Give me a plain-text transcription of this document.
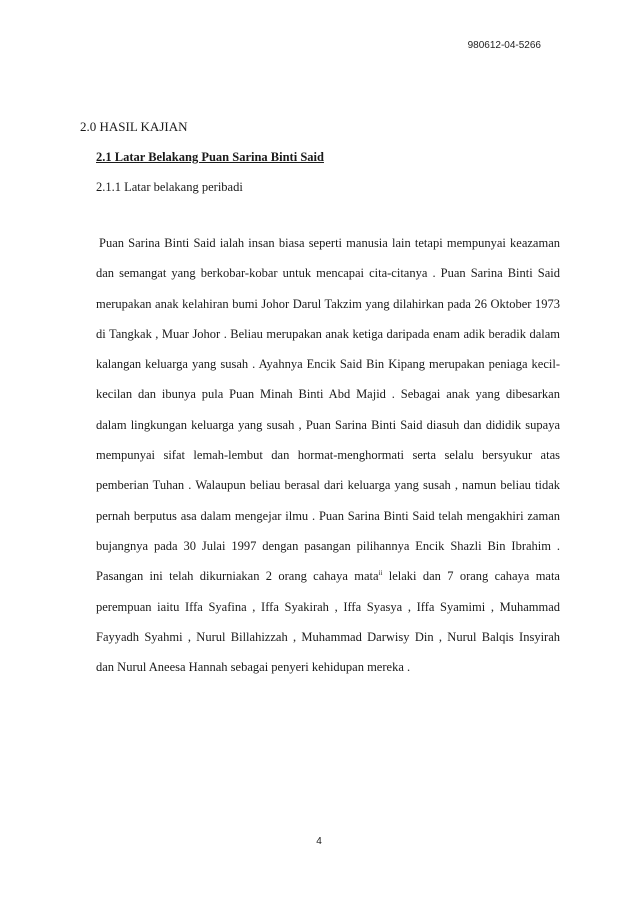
980612-04-5266
2.0 HASIL KAJIAN
2.1 Latar Belakang Puan Sarina Binti Said
2.1.1 Latar belakang peribadi
Puan Sarina Binti Said ialah insan biasa seperti manusia lain tetapi mempunyai keazaman
dan semangat yang berkobar-kobar untuk mencapai cita-citanya . Puan Sarina Binti Said
merupakan anak kelahiran bumi Johor Darul Takzim yang dilahirkan pada 26 Oktober 1973
di Tangkak , Muar Johor . Beliau merupakan anak ketiga daripada enam adik beradik dalam
kalangan keluarga yang susah . Ayahnya Encik Said Bin Kipang merupakan peniaga kecil-
kecilan dan ibunya pula Puan Minah Binti Abd Majid . Sebagai anak yang dibesarkan
dalam lingkungan keluarga yang susah , Puan Sarina Binti Said diasuh dan dididik supaya
mempunyai sifat lemah-lembut dan hormat-menghormati serta selalu bersyukur atas
pemberian Tuhan . Walaupun beliau berasal dari keluarga yang susah , namun beliau tidak
pernah berputus asa dalam mengejar ilmu . Puan Sarina Binti Said telah mengakhiri zaman
bujangnya pada 30 Julai 1997 dengan pasangan pilihannya Encik Shazli Bin Ibrahim .
Pasangan ini telah dikurniakan 2 orang cahaya mata$^{ii}$ lelaki dan 7 orang cahaya mata
perempuan iaitu Iffa Syafina , Iffa Syakirah , Iffa Syasya , Iffa Syamimi , Muhammad
Fayyadh Syahmi , Nurul Billahizzah , Muhammad Darwisy Din , Nurul Balqis Insyirah
dan Nurul Aneesa Hannah sebagai penyeri kehidupan mereka .
4
